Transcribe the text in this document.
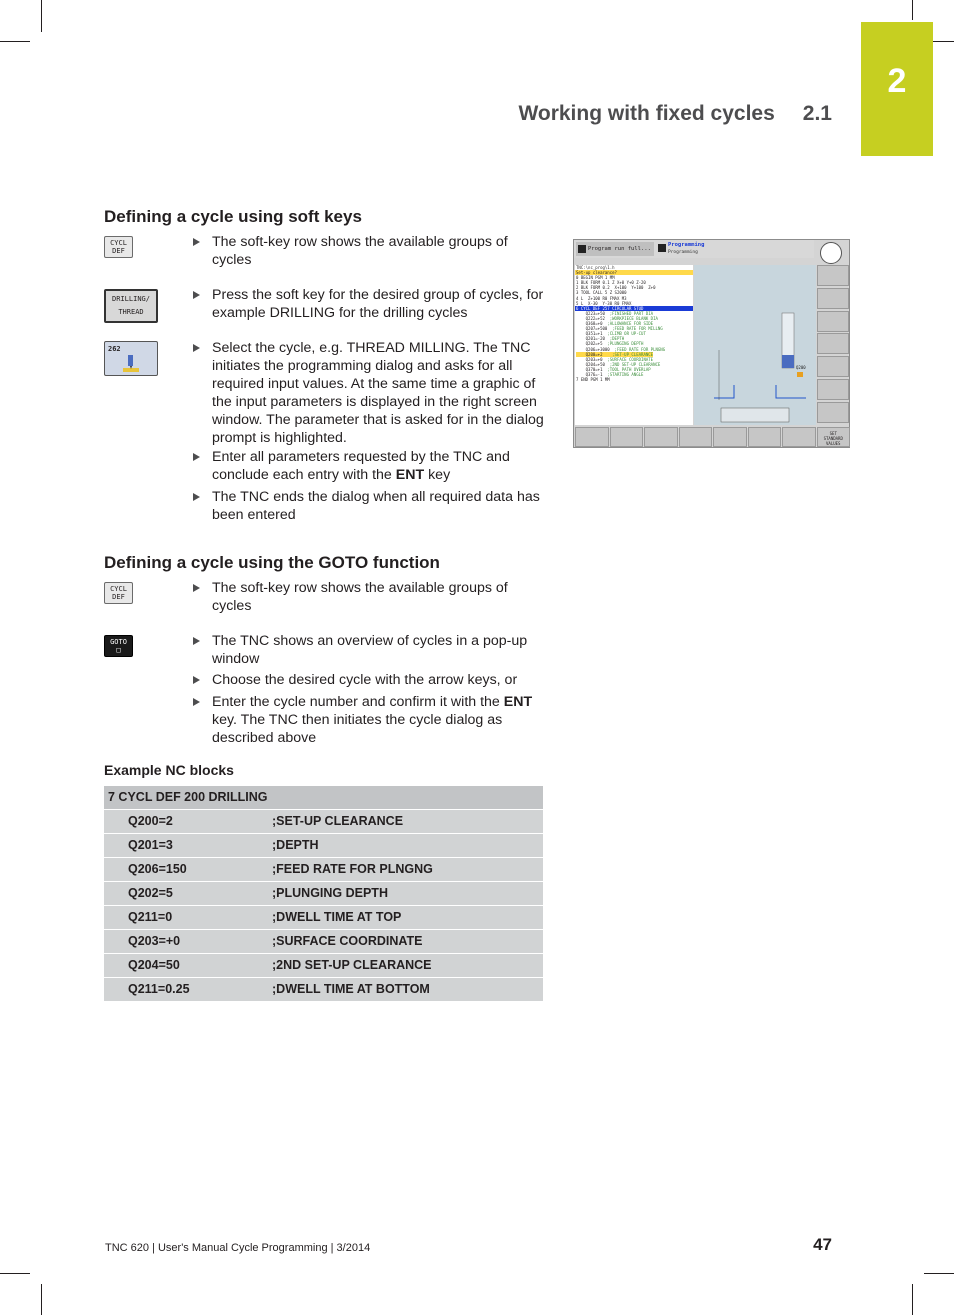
2
Working with fixed cycles 2.1
Defining a cycle using soft keys
CYCL
DEF
The soft-key row shows the available groups of cycles
DRILLING/
THREAD
Press the soft key for the desired group of cycles, for example DRILLING for the drilling cycles
262	Select the cycle, e.g. THREAD MILLING. The TNC initiates the programming dialog and asks for all required input values. At the same time a graphic of the input parameters is displayed in the right screen window. The parameter that is asked for in the dialog prompt is highlighted.
Enter all parameters requested by the TNC and conclude each entry with the ENT key
The TNC ends the dialog when all required data has been entered
Defining a cycle using the GOTO function
CYCL
DEF
The soft-key row shows the available groups of cycles
GOTO
□
The TNC shows an overview of cycles in a pop-up window
Choose the desired cycle with the arrow keys, or
Enter the cycle number and confirm it with the ENT key. The TNC then initiates the cycle dialog as described above
Example NC blocks
7 CYCL DEF 200 DRILLING
Q200=2	;SET-UP CLEARANCE
Q201=3	;DEPTH
Q206=150	;FEED RATE FOR PLNGNG
Q202=5	;PLUNGING DEPTH
Q211=0	;DWELL TIME AT TOP
Q203=+0	;SURFACE COORDINATE
Q204=50	;2ND SET-UP CLEARANCE
Q211=0.25	;DWELL TIME AT BOTTOM
Program run full...
Programming
Programming
TNC:\nc_prog\1.h
Set-up clearance?
0 BEGIN PGM 1 MM
1 BLK FORM 0.1 Z X+0 Y+0 Z-20
2 BLK FORM 0.2  X+100  Y+100  Z+0
3 TOOL CALL 5 Z S2000
4 L  Z+100 R0 FMAX M3
5 L  X-30  Y-30 R0 FMAX
6 CYCL DEF 257 CIRCULAR STUD
Q223=+50  ;FINISHED PART DIA
Q222=+52  ;WORKPIECE BLANK DIA
Q368=+0  ;ALLOWANCE FOR SIDE
Q207=+500  ;FEED RATE FOR MILLNG
Q351=+1  ;CLIMB OR UP-CUT
Q201=-20  ;DEPTH
Q202=+5  ;PLUNGING DEPTH
Q206=+3000  ;FEED RATE FOR PLNGNG
Q200=+2    ;SET-UP CLEARANCE
Q203=+0  ;SURFACE COORDINATE
Q204=+50  ;2ND SET-UP CLEARANCE
Q370=+1  ;TOOL PATH OVERLAP
Q376=-1  ;STARTING ANGLE
7 END PGM 1 MM
Q200
SET
STANDARD
VALUES
TNC 620 | User's Manual Cycle Programming | 3/2014	47
